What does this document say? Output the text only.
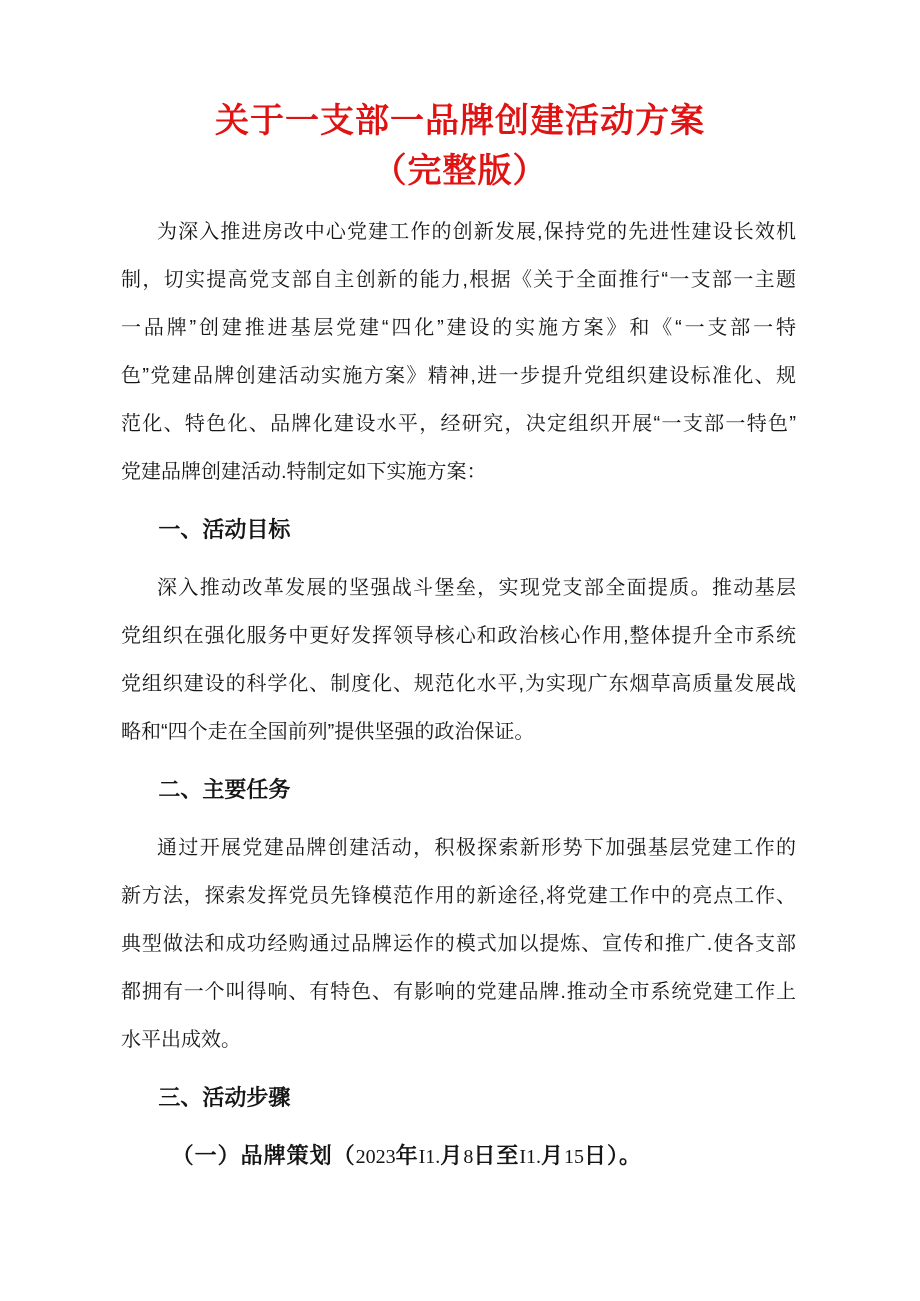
关于一支部一品牌创建活动方案
（完整版）
为深入推进房改中心党建工作的创新发展,保持党的先进性建设长效机
制，切实提高党支部自主创新的能力,根据《关于全面推行“一支部一主题
一品牌”创建推进基层党建“四化”建设的实施方案》和《“一支部一特
色”党建品牌创建活动实施方案》精神,进一步提升党组织建设标准化、规
范化、特色化、品牌化建设水平，经研究，决定组织开展“一支部一特色”
党建品牌创建活动.特制定如下实施方案：
一、活动目标
深入推动改革发展的坚强战斗堡垒，实现党支部全面提质。推动基层
党组织在强化服务中更好发挥领导核心和政治核心作用,整体提升全市系统
党组织建设的科学化、制度化、规范化水平,为实现广东烟草高质量发展战
略和“四个走在全国前列”提供坚强的政治保证。
二、主要任务
通过开展党建品牌创建活动，积极探索新形势下加强基层党建工作的
新方法，探索发挥党员先锋模范作用的新途径,将党建工作中的亮点工作、
典型做法和成功经购通过品牌运作的模式加以提炼、宣传和推广.使各支部
都拥有一个叫得响、有特色、有影响的党建品牌.推动全市系统党建工作上
水平出成效。
三、活动步骤
（一）品牌策划（2023年I1.月8日至I1.月15日）。
